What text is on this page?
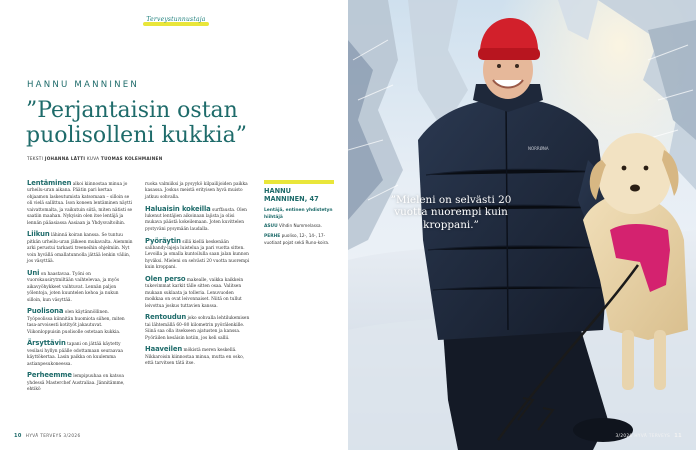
Terveystunnustaja
HANNU MANNINEN
”Perjantaisin ostan puolisolleni kukkia”
TEKSTI JOHANNA LÄTTI KUVA TUOMAS KOLEHMAINEN

Lentäminen alkoi kiinnostaa minua jo urheilu-uran aikana. Päätin pari kertaa ohjaamon laskeutumista katsomaan – silloin se oli vielä sallittua. Ison koneen lentäminen näytti vaivattomalta, ja vaikutuin siitä, miten nätisti se saatiin maahan. Nykyisin olen itse lentäjä ja lennän pääasiassa Aasiaan ja Yhdysvaltoihin.

Liikun lähinnä koiran kanssa. Se tuntuu pitkän urheilu-uran jälkeen mukavalta. Aiemmin arki perustui tarkasti treeneihin ohjelmiin. Nyt voin hyvällä omallatunnolla jättää lenkin väliin, jos väsyttää.

Uni on haastavaa. Työni on vuorokausirytmiltään vaihtelevaa, ja myös aikavyöhykkeet vaihtuvat. Lennän paljon yölentoja, joten kuuntelen kehoa ja nukun silloin, kun väsyttää.

Puolisona olen käytännöllinen. Työpoolissa kiinnitän huomiota siihen, miten tasa-arvoisesti kotityöt jakautuvat. Viikonloppuisin puolisolle ostetaan kukkia.

Ärsyttävin tapani on jättää käytetty vesilasi hyllyn päälle odottamaan seuraavaa käyttökertaa. Lasin paikka on kuulemma astianpesukoneessa.

Perheemme lempipuuhaa on katsoa yhdessä Masterchef Australiaa. Jännitämme, ehtikö

ruoka valmiiksi ja pysyykö kilpailijoiden paikka kasassa. Joskus meistä erityisen hyvä muisto jatkuu sohvalla.

Haluaisin kokeilla surffausta. Olen lukenut lentäjien aikoinaan lajista ja olisi mukava päästä kokeilemaan. Joten kuvittelen pystyväni pysymään laudalla.

Pyöräytin sillä kiellä keskenään salibandy-lajeja luistelua ja pari vuotta sitten. Levoilla ja omalla kuntoilulla saan jalan kunnon hyväksi. Mieleni on selvästi 20 vuotta nuorempi kuin kroppani.

Olen perso makealle, vaikka kaikkein tukevimmat karkit tälle sitten osaa. Valitsen mukaan suklaata ja tolleria. Lenuvuoden moikkaa on ovat leivonnaiset. Niitä on tullut leivottua joskus tuttavien kanssa.

Rentoudun joko sohvalla lehtilukemisen tai lähtemällä 60–80 kilometrin pyörälenkille. Siinä saa olla itsekseen ajatusten ja kanssa. Pyöräilen kesäisin kotiin, jos keli sallii.

Haaveilen mökistä meren keskellä. Nikkaroisin kiinnostaa minua, mutta en osko, että tarvitsen tätä itse.

HANNU MANNINEN, 47
Lentäjä, entinen yhdistetyn hiihtäjä
ASUU Vihdin Nummelassa.
PERHE puoliso, 12-, 14-, 17-vuotiaat pojat sekä Runo-koira.
10 HYVÄ TERVEYS 3/2026
NORRØNA

”Mieleni on selvästi 20 vuotta nuorempi kuin kroppani.”

3/2026 HYVÄ TERVEYS 11
